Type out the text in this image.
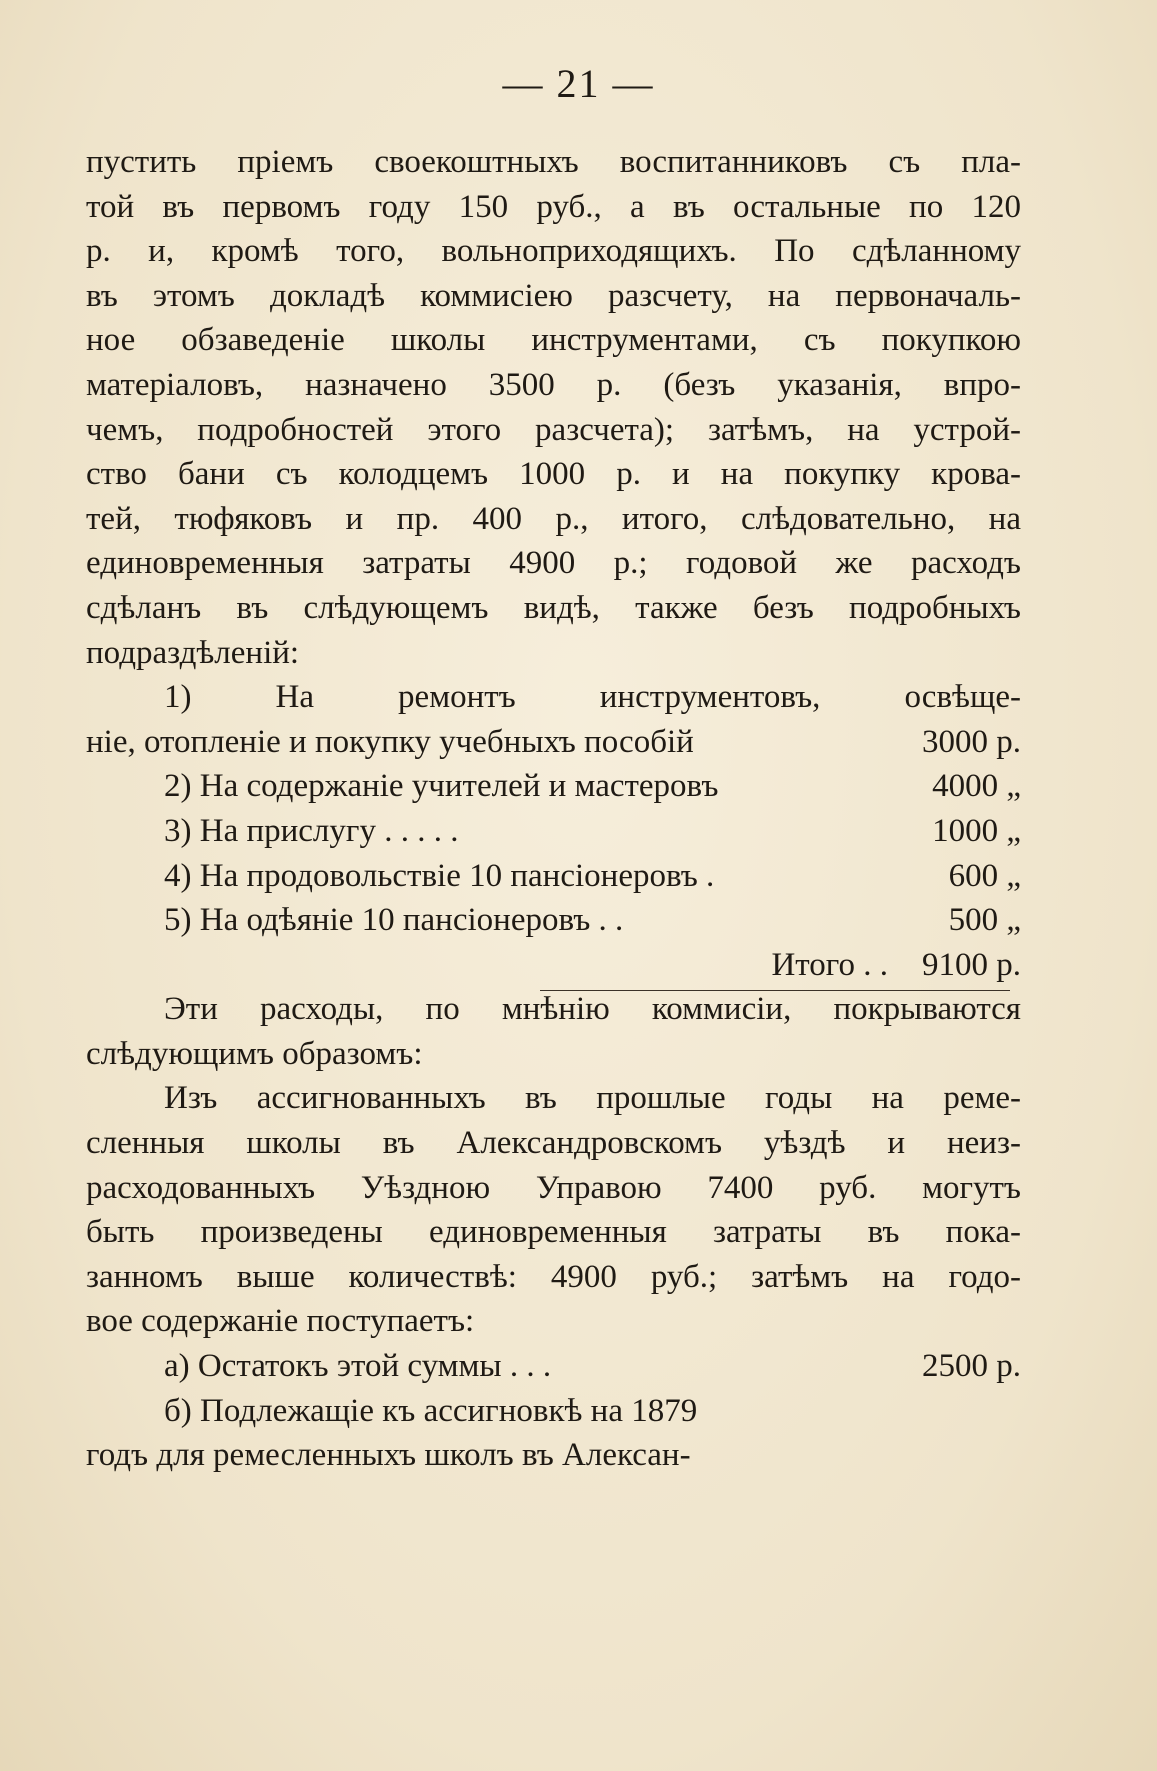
— 21 —
пустить пріемъ своекоштныхъ воспитанниковъ съ пла-
той въ первомъ году 150 руб., а въ остальные по 120
р. и, кромѣ того, вольноприходящихъ. По сдѣланному
въ этомъ докладѣ коммисіею разсчету, на первоначаль-
ное обзаведеніе школы инструментами, съ покупкою
матеріаловъ, назначено 3500 р. (безъ указанія, впро-
чемъ, подробностей этого разсчета); затѣмъ, на устрой-
ство бани съ колодцемъ 1000 р. и на покупку крова-
тей, тюфяковъ и пр. 400 р., итого, слѣдовательно, на
единовременныя затраты 4900 р.; годовой же расходъ
сдѣланъ въ слѣдующемъ видѣ, также безъ подробныхъ
подраздѣленій:
1) На ремонтъ инструментовъ, освѣще-
ніе, отопленіе и покупку учебныхъ пособій	3000 р.
2) На содержаніе учителей и мастеровъ	4000 „
3) На прислугу . . . . .	1000 „
4) На продовольствіе 10 пансіонеровъ .	600 „
5) На одѣяніе 10 пансіонеровъ . .	500 „
Итого . . 9100 р.
Эти расходы, по мнѣнію коммисіи, покрываются
слѣдующимъ образомъ:
Изъ ассигнованныхъ въ прошлые годы на реме-
сленныя школы въ Александровскомъ уѣздѣ и неиз-
расходованныхъ Уѣздною Управою 7400 руб. могутъ
быть произведены единовременныя затраты въ пока-
занномъ выше количествѣ: 4900 руб.; затѣмъ на годо-
вое содержаніе поступаетъ:
а) Остатокъ этой суммы . . .	2500 р.
б) Подлежащіе къ ассигновкѣ на 1879
годъ для ремесленныхъ школъ въ Алексан-
